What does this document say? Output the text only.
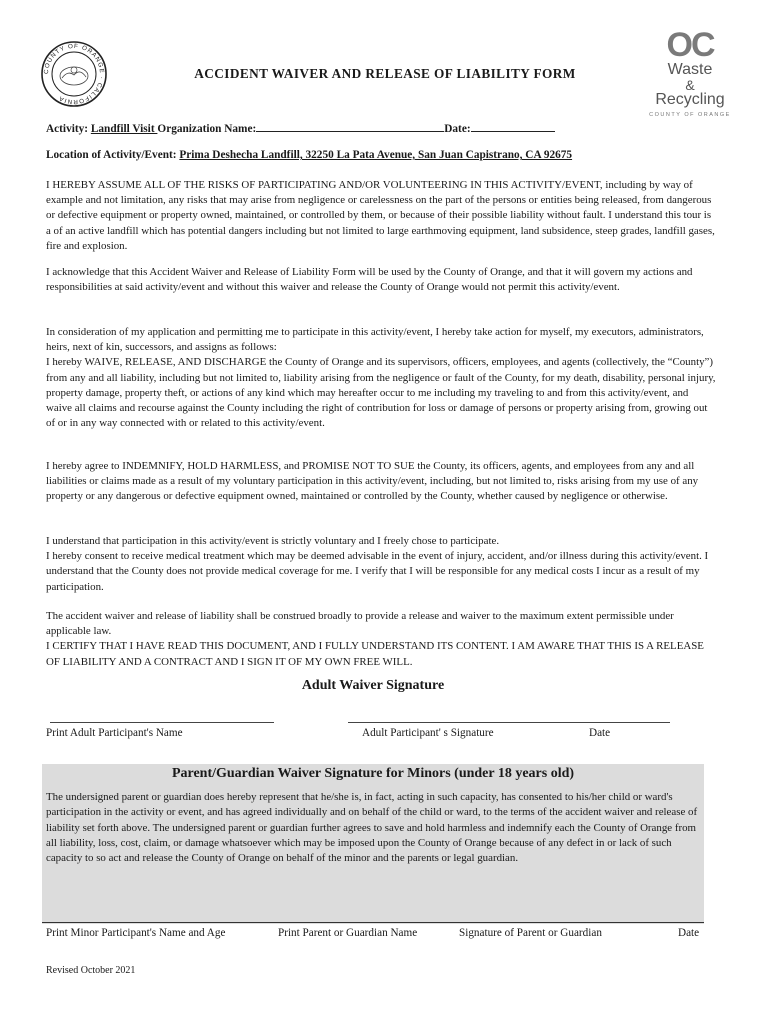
COUNTY OF ORANGE · CALIFORNIA
OC
Waste
&
Recycling
COUNTY OF ORANGE
ACCIDENT WAIVER AND RELEASE OF LIABILITY FORM
Activity: Landfill Visit Organization Name:	Date:
Location of Activity/Event: Prima Deshecha Landfill, 32250 La Pata Avenue, San Juan Capistrano, CA 92675

I HEREBY ASSUME ALL OF THE RISKS OF PARTICIPATING AND/OR VOLUNTEERING IN THIS ACTIVITY/EVENT, including by way of example and not limitation, any risks that may arise from negligence or carelessness on the part of the persons or entities being released, from dangerous or defective equipment or property owned, maintained, or controlled by them, or because of their possible liability without fault. I understand this tour is a of an active landfill which has potential dangers including but not limited to large earthmoving equipment, land subsidence, steep grades, landfill gases, fire and explosion.

I acknowledge that this Accident Waiver and Release of Liability Form will be used by the County of Orange, and that it will govern my actions and responsibilities at said activity/event and without this waiver and release the County of Orange would not permit this activity/event.

In consideration of my application and permitting me to participate in this activity/event, I hereby take action for myself, my executors, administrators, heirs, next of kin, successors, and assigns as follows:

I hereby WAIVE, RELEASE, AND DISCHARGE the County of Orange and its supervisors, officers, employees, and agents (collectively, the “County”) from any and all liability, including but not limited to, liability arising from the negligence or fault of the County, for my death, disability, personal injury, property damage, property theft, or actions of any kind which may hereafter occur to me including my traveling to and from this activity/event, and waive all claims and recourse against the County including the right of contribution for loss or damage of persons or property arising from, growing out of or in any way connected with or related to this activity/event.

I hereby agree to INDEMNIFY, HOLD HARMLESS, and PROMISE NOT TO SUE the County, its officers, agents, and employees from any and all liabilities or claims made as a result of my voluntary participation in this activity/event, including, but not limited to, risks arising from my use of any property or any dangerous or defective equipment owned, maintained or controlled by the County, whether caused by negligence or otherwise.

I understand that participation in this activity/event is strictly voluntary and I freely chose to participate.

I hereby consent to receive medical treatment which may be deemed advisable in the event of injury, accident, and/or illness during this activity/event. I understand that the County does not provide medical coverage for me. I verify that I will be responsible for any medical costs I incur as a result of my participation.

The accident waiver and release of liability shall be construed broadly to provide a release and waiver to the maximum extent permissible under applicable law.

I CERTIFY THAT I HAVE READ THIS DOCUMENT, AND I FULLY UNDERSTAND ITS CONTENT. I AM AWARE THAT THIS IS A RELEASE OF LIABILITY AND A CONTRACT AND I SIGN IT OF MY OWN FREE WILL.

Adult Waiver Signature
Print Adult Participant's Name	Adult Participant' s Signature	Date
Parent/Guardian Waiver Signature for Minors (under 18 years old)
The undersigned parent or guardian does hereby represent that he/she is, in fact, acting in such capacity, has consented to his/her child or ward's participation in the activity or event, and has agreed individually and on behalf of the child or ward, to the terms of the accident waiver and release of liability set forth above. The undersigned parent or guardian further agrees to save and hold harmless and indemnify each the County of Orange from all liability, loss, cost, claim, or damage whatsoever which may be imposed upon the County of Orange because of any defect in or lack of such capacity to so act and release the County of Orange on behalf of the minor and the parents or legal guardian.
Print Minor Participant's Name and Age	Print Parent or Guardian Name	Signature of Parent or Guardian	Date
Revised October 2021
